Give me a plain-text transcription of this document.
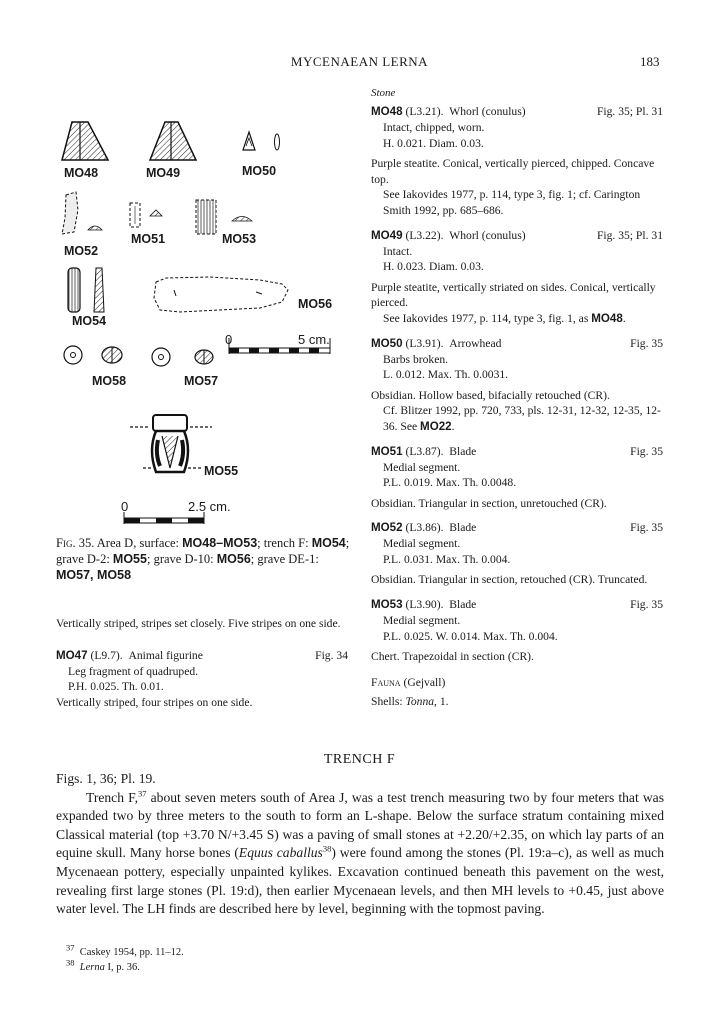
MYCENAEAN LERNA	183
MO48	MO49	MO50
MO52
MO51	MO53
MO54
MO56
MO58	MO57
MO55
0	5 cm.
0	2.5 cm.
Fig. 35. Area D, surface: MO48–MO53; trench F: MO54; grave D-2: MO55; grave D-10: MO56; grave DE-1: MO57, MO58
Vertically striped, stripes set closely. Five stripes on one side.
MO47 (L9.7). Animal figurine	Fig. 34
Leg fragment of quadruped.
P.H. 0.025. Th. 0.01.
Vertically striped, four stripes on one side.
Stone
MO48 (L3.21). Whorl (conulus)	Fig. 35; Pl. 31
Intact, chipped, worn.
H. 0.021. Diam. 0.03.
Purple steatite. Conical, vertically pierced, chipped. Concave top.
See Iakovides 1977, p. 114, type 3, fig. 1; cf. Carington Smith 1992, pp. 685–686.
MO49 (L3.22). Whorl (conulus)	Fig. 35; Pl. 31
Intact.
H. 0.023. Diam. 0.03.
Purple steatite, vertically striated on sides. Conical, vertically pierced.
See Iakovides 1977, p. 114, type 3, fig. 1, as MO48.
MO50 (L3.91). Arrowhead	Fig. 35
Barbs broken.
L. 0.012. Max. Th. 0.0031.
Obsidian. Hollow based, bifacially retouched (CR).
Cf. Blitzer 1992, pp. 720, 733, pls. 12-31, 12-32, 12-35, 12-36. See MO22.
MO51 (L3.87). Blade	Fig. 35
Medial segment.
P.L. 0.019. Max. Th. 0.0048.
Obsidian. Triangular in section, unretouched (CR).
MO52 (L3.86). Blade	Fig. 35
Medial segment.
P.L. 0.031. Max. Th. 0.004.
Obsidian. Triangular in section, retouched (CR). Truncated.
MO53 (L3.90). Blade	Fig. 35
Medial segment.
P.L. 0.025. W. 0.014. Max. Th. 0.004.
Chert. Trapezoidal in section (CR).
Fauna (Gejvall)
Shells: Tonna, 1.
TRENCH F

Figs. 1, 36; Pl. 19.

Trench F,$^{37}$ about seven meters south of Area J, was a test trench measuring two by four meters that was expanded two by three meters to the south to form an L-shape. Below the surface stratum containing mixed Classical material (top +3.70 N/+3.45 S) was a paving of small stones at +2.20/+2.35, on which lay parts of an equine skull. Many horse bones (Equus caballus$^{38}$) were found among the stones (Pl. 19:a–c), as well as much Mycenaean pottery, especially unpainted kylikes. Excavation continued beneath this pavement on the west, revealing first large stones (Pl. 19:d), then earlier Mycenaean levels, and then MH levels to +0.45, just above water level. The LH finds are described here by level, beginning with the topmost paving.

$^{37}$ Caskey 1954, pp. 11–12.
$^{38}$ Lerna I, p. 36.
